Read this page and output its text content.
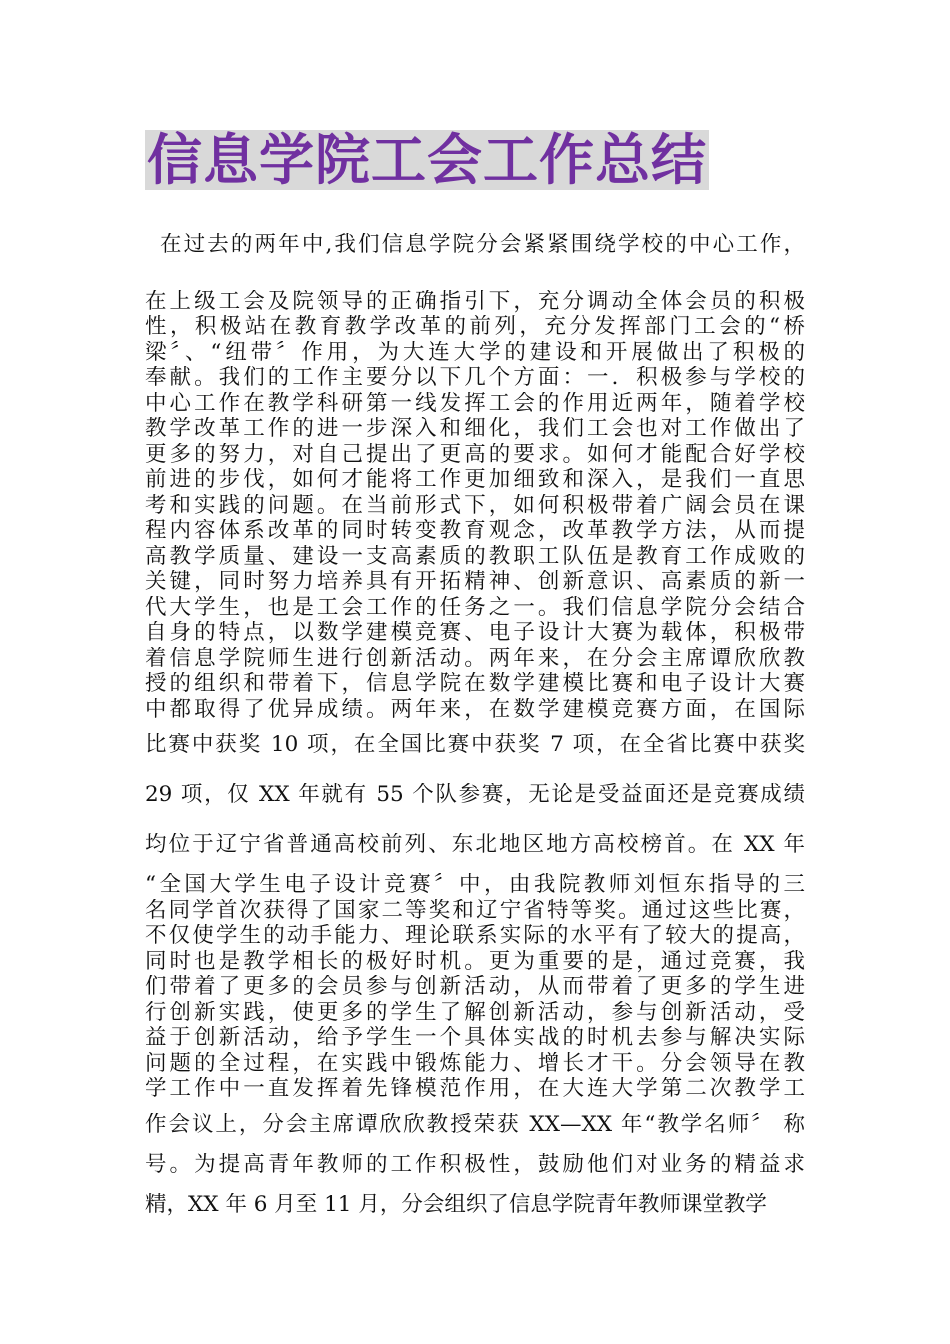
信息学院工会工作总结
在过去的两年中,我们信息学院分会紧紧围绕学校的中心工作，
在上级工会及院领导的正确指引下，充分调动全体会员的积极
性，积极站在教育教学改革的前列，充分发挥部门工会的“桥
梁〞、“纽带〞作用，为大连大学的建设和开展做出了积极的
奉献。我们的工作主要分以下几个方面：一．积极参与学校的
中心工作在教学科研第一线发挥工会的作用近两年，随着学校
教学改革工作的进一步深入和细化，我们工会也对工作做出了
更多的努力，对自己提出了更高的要求。如何才能配合好学校
前进的步伐，如何才能将工作更加细致和深入，是我们一直思
考和实践的问题。在当前形式下，如何积极带着广阔会员在课
程内容体系改革的同时转变教育观念，改革教学方法，从而提
高教学质量、建设一支高素质的教职工队伍是教育工作成败的
关键，同时努力培养具有开拓精神、创新意识、高素质的新一
代大学生，也是工会工作的任务之一。我们信息学院分会结合
自身的特点，以数学建模竞赛、电子设计大赛为载体，积极带
着信息学院师生进行创新活动。两年来，在分会主席谭欣欣教
授的组织和带着下，信息学院在数学建模比赛和电子设计大赛
中都取得了优异成绩。两年来，在数学建模竞赛方面，在国际
比赛中获奖 10 项，在全国比赛中获奖 7 项，在全省比赛中获奖
29 项，仅 XX 年就有 55 个队参赛，无论是受益面还是竞赛成绩
均位于辽宁省普通高校前列、东北地区地方高校榜首。在 XX 年
“全国大学生电子设计竞赛〞中，由我院教师刘恒东指导的三
名同学首次获得了国家二等奖和辽宁省特等奖。通过这些比赛，
不仅使学生的动手能力、理论联系实际的水平有了较大的提高，
同时也是教学相长的极好时机。更为重要的是，通过竞赛，我
们带着了更多的会员参与创新活动，从而带着了更多的学生进
行创新实践，使更多的学生了解创新活动，参与创新活动，受
益于创新活动，给予学生一个具体实战的时机去参与解决实际
问题的全过程，在实践中锻炼能力、增长才干。分会领导在教
学工作中一直发挥着先锋模范作用，在大连大学第二次教学工
作会议上，分会主席谭欣欣教授荣获 XX—XX 年“教学名师〞 称
号。为提高青年教师的工作积极性，鼓励他们对业务的精益求
精，XX 年 6 月至 11 月，分会组织了信息学院青年教师课堂教学
